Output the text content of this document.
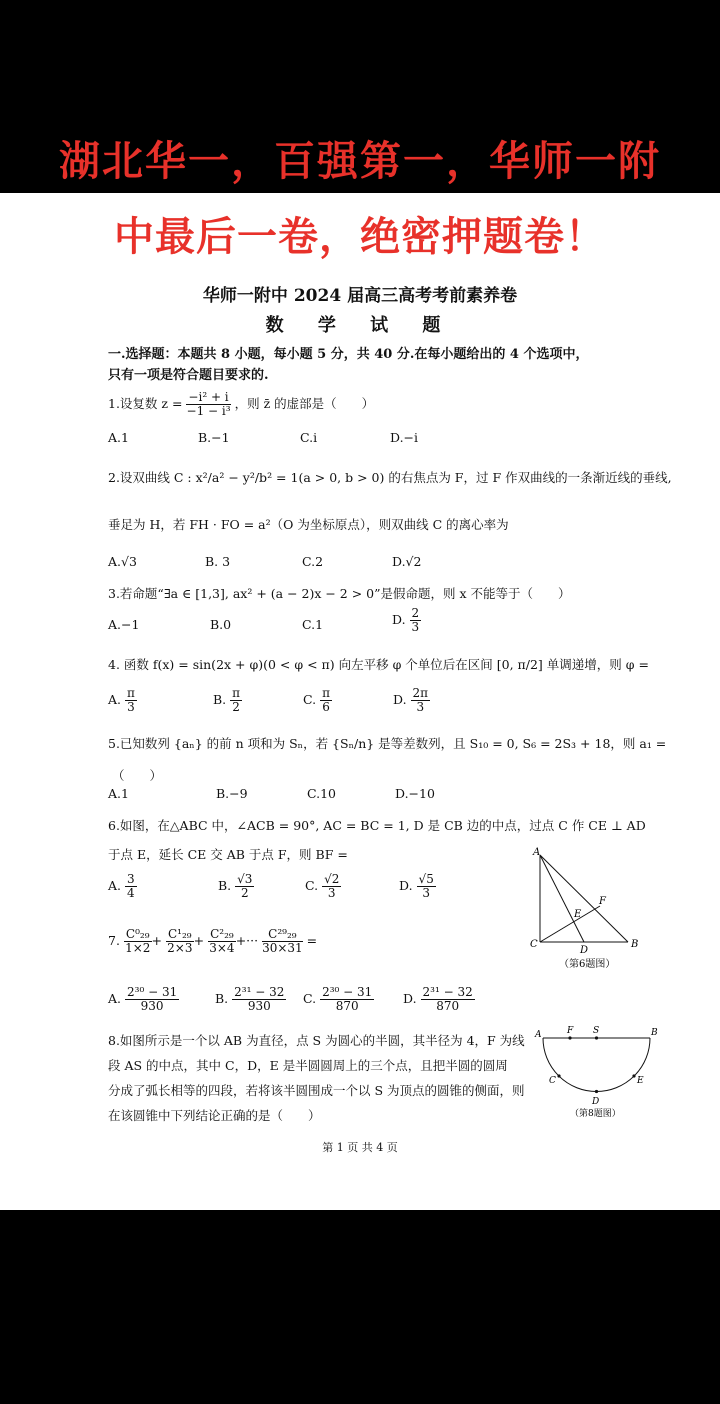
湖北华一，百强第一，华师一附
中最后一卷，绝密押题卷！
华师一附中 2024 届高三高考考前素养卷
数 学 试 题
一.选择题：本题共 8 小题，每小题 5 分，共 40 分.在每小题给出的 4 个选项中，
只有一项是符合题目要求的.
1.设复数 $z = \frac{\text{−i² + i}}{\text{−1 − i³}}$ ，则 z̄ 的虚部是（　　）
A.1	B.−1	C.i	D.−i
2.设双曲线 C : x²/a² − y²/b² = 1(a > 0, b > 0) 的右焦点为 F，过 F 作双曲线的一条渐近线的垂线,
垂足为 H，若 FH · FO = a²（O 为坐标原点），则双曲线 C 的离心率为
A.√3	B. 3	C.2	D.√2
3.若命题“∃a ∈ [1,3], ax² + (a − 2)x − 2 > 0”是假命题，则 x 不能等于（　　）
A.−1	B.0	C.1	D. $\frac{2}{3}$
4. 函数 f(x) = sin(2x + φ)(0 < φ < π) 向左平移 φ 个单位后在区间 [0, π/2] 单调递增，则 φ =
A. $\frac{\pi}{3}$	B. $\frac{\pi}{2}$	C. $\frac{\pi}{6}$	D. $\frac{2\pi}{3}$
5.已知数列 {aₙ} 的前 n 项和为 Sₙ，若 {Sₙ/n} 是等差数列，且 S₁₀ = 0, S₆ = 2S₃ + 18，则 a₁ =
（　　）
A.1	B.−9	C.10	D.−10
6.如图，在△ABC 中，∠ACB = 90°, AC = BC = 1, D 是 CB 边的中点，过点 C 作 CE ⊥ AD
于点 E，延长 CE 交 AB 于点 F，则 BF =
A. $\frac{3}{4}$	B. $\frac{√3}{2}$	C. $\frac{√2}{3}$	D. $\frac{√5}{3}$
A
B
C
D
E
F
（第6题图）
7. $\frac{\text{C⁰₂₉}}{1\times 2} + \frac{\text{C¹₂₉}}{2\times 3} + \frac{\text{C²₂₉}}{3\times 4}$ +··· $\frac{\text{C²⁹₂₉}}{30\times 31}$ =
A. $\frac{\text{2³⁰ − 31}}{930}$	B. $\frac{\text{2³¹ − 32}}{930} C$. $\frac{\text{2³⁰ − 31}}{870} D$. $\frac{\text{2³¹ − 32}}{870}$
8.如图所示是一个以 AB 为直径，点 S 为圆心的半圆，其半径为 4，F 为线
段 AS 的中点，其中 C，D，E 是半圆圆周上的三个点，且把半圆的圆周
分成了弧长相等的四段，若将该半圆围成一个以 S 为顶点的圆锥的侧面，则
在该圆锥中下列结论正确的是（　　）
A	F S	B
C
D
E
（第8题图）
第 1 页 共 4 页
